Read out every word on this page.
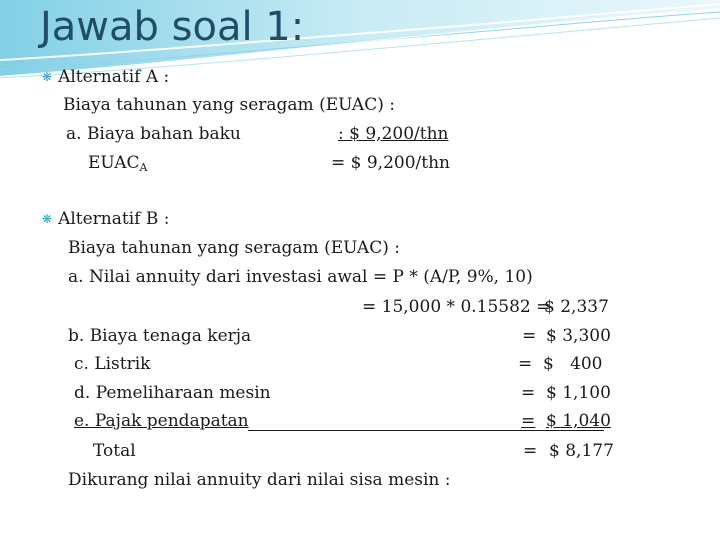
Jawab soal 1:
❋ Alternatif A :
Biaya tahunan yang seragam (EUAC) :
a. Biaya bahan baku	: $ 9,200/thn
$EUAC_A$	= $ 9,200/thn
❋ Alternatif B :
Biaya tahunan yang seragam (EUAC) :
a. Nilai annuity dari investasi awal = P * (A/P, 9%, 10)
= 15,000 * 0.15582 =
$ 2,337
b. Biaya tenaga kerja	= $ 3,300
c. Listrik	= $   400
d. Pemeliharaan mesin	= $ 1,100
e. Pajak pendapatan	= $ 1,040
Total	= $ 8,177
Dikurang nilai annuity dari nilai sisa mesin :
